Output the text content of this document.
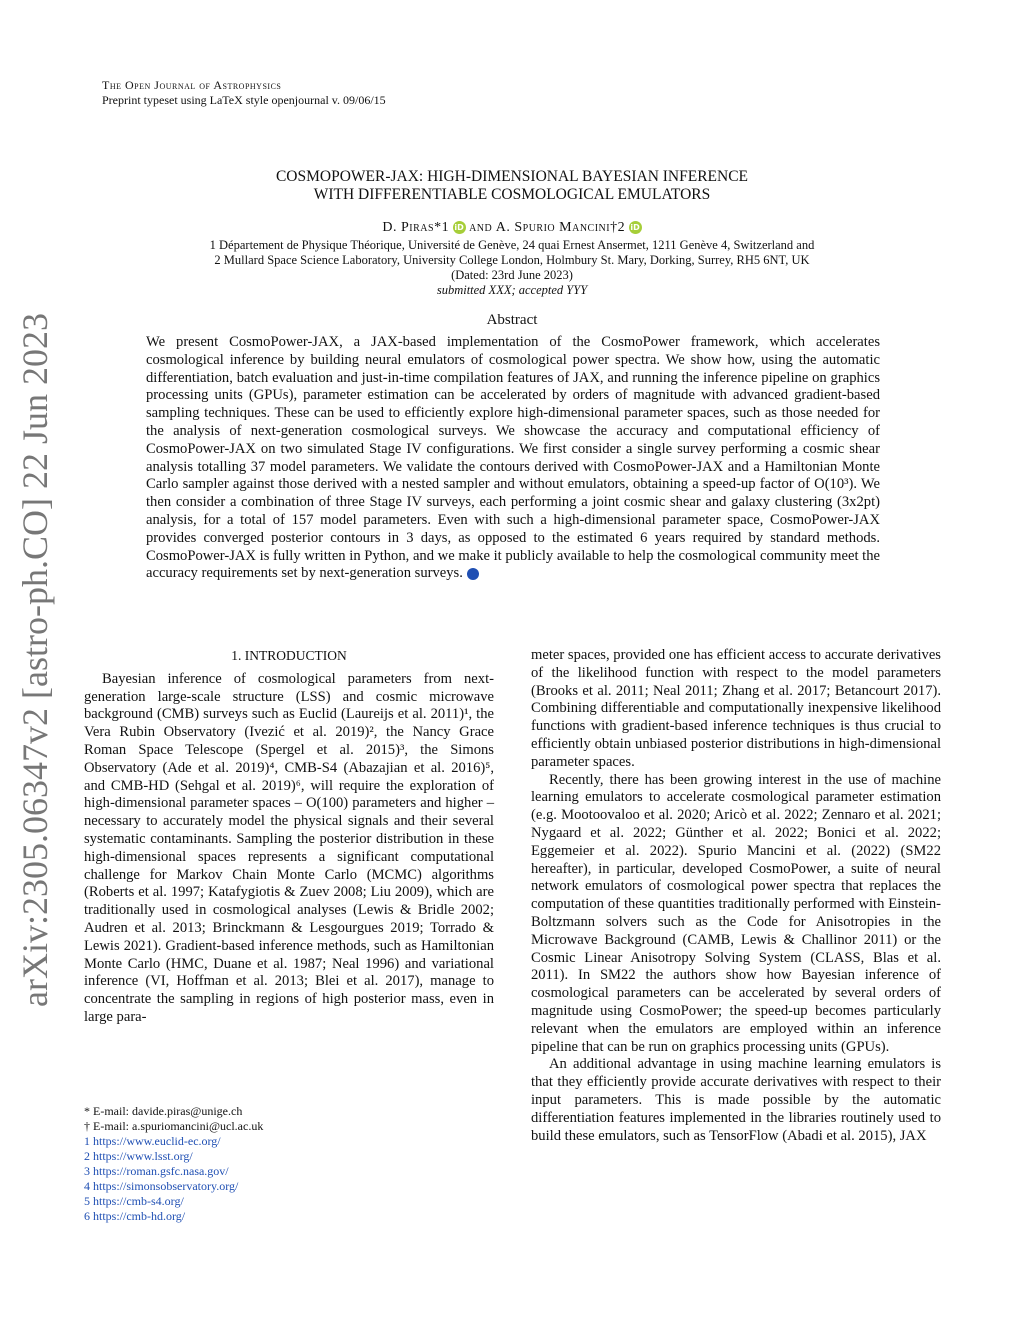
arXiv:2305.06347v2 [astro-ph.CO] 22 Jun 2023
The Open Journal of Astrophysics
Preprint typeset using LaTeX style openjournal v. 09/06/15
COSMOPOWER-JAX: HIGH-DIMENSIONAL BAYESIAN INFERENCE
WITH DIFFERENTIABLE COSMOLOGICAL EMULATORS
D. Piras*1 iD and A. Spurio Mancini†2 iD
1 Département de Physique Théorique, Université de Genève, 24 quai Ernest Ansermet, 1211 Genève 4, Switzerland and
2 Mullard Space Science Laboratory, University College London, Holmbury St. Mary, Dorking, Surrey, RH5 6NT, UK
(Dated: 23rd June 2023)
submitted XXX; accepted YYY
Abstract
We present CosmoPower-JAX, a JAX-based implementation of the CosmoPower framework, which accelerates cosmological inference by building neural emulators of cosmological power spectra. We show how, using the automatic differentiation, batch evaluation and just-in-time compilation features of JAX, and running the inference pipeline on graphics processing units (GPUs), parameter estimation can be accelerated by orders of magnitude with advanced gradient-based sampling techniques. These can be used to efficiently explore high-dimensional parameter spaces, such as those needed for the analysis of next-generation cosmological surveys. We showcase the accuracy and computational efficiency of CosmoPower-JAX on two simulated Stage IV configurations. We first consider a single survey performing a cosmic shear analysis totalling 37 model parameters. We validate the contours derived with CosmoPower-JAX and a Hamiltonian Monte Carlo sampler against those derived with a nested sampler and without emulators, obtaining a speed-up factor of O(10³). We then consider a combination of three Stage IV surveys, each performing a joint cosmic shear and galaxy clustering (3x2pt) analysis, for a total of 157 model parameters. Even with such a high-dimensional parameter space, CosmoPower-JAX provides converged posterior contours in 3 days, as opposed to the estimated 6 years required by standard methods. CosmoPower-JAX is fully written in Python, and we make it publicly available to help the cosmological community meet the accuracy requirements set by next-generation surveys.
1. INTRODUCTION

Bayesian inference of cosmological parameters from next-generation large-scale structure (LSS) and cosmic microwave background (CMB) surveys such as Euclid (Laureijs et al. 2011)¹, the Vera Rubin Observatory (Ivezić et al. 2019)², the Nancy Grace Roman Space Telescope (Spergel et al. 2015)³, the Simons Observatory (Ade et al. 2019)⁴, CMB-S4 (Abazajian et al. 2016)⁵, and CMB-HD (Sehgal et al. 2019)⁶, will require the exploration of high-dimensional parameter spaces – O(100) parameters and higher – necessary to accurately model the physical signals and their several systematic contaminants. Sampling the posterior distribution in these high-dimensional spaces represents a significant computational challenge for Markov Chain Monte Carlo (MCMC) algorithms (Roberts et al. 1997; Katafygiotis & Zuev 2008; Liu 2009), which are traditionally used in cosmological analyses (Lewis & Bridle 2002; Audren et al. 2013; Brinckmann & Lesgourgues 2019; Torrado & Lewis 2021). Gradient-based inference methods, such as Hamiltonian Monte Carlo (HMC, Duane et al. 1987; Neal 1996) and variational inference (VI, Hoffman et al. 2013; Blei et al. 2017), manage to concentrate the sampling in regions of high posterior mass, even in large para-

meter spaces, provided one has efficient access to accurate derivatives of the likelihood function with respect to the model parameters (Brooks et al. 2011; Neal 2011; Zhang et al. 2017; Betancourt 2017). Combining differentiable and computationally inexpensive likelihood functions with gradient-based inference techniques is thus crucial to efficiently obtain unbiased posterior distributions in high-dimensional parameter spaces.

Recently, there has been growing interest in the use of machine learning emulators to accelerate cosmological parameter estimation (e.g. Mootoovaloo et al. 2020; Aricò et al. 2022; Zennaro et al. 2021; Nygaard et al. 2022; Günther et al. 2022; Bonici et al. 2022; Eggemeier et al. 2022). Spurio Mancini et al. (2022) (SM22 hereafter), in particular, developed CosmoPower, a suite of neural network emulators of cosmological power spectra that replaces the computation of these quantities traditionally performed with Einstein-Boltzmann solvers such as the Code for Anisotropies in the Microwave Background (CAMB, Lewis & Challinor 2011) or the Cosmic Linear Anisotropy Solving System (CLASS, Blas et al. 2011). In SM22 the authors show how Bayesian inference of cosmological parameters can be accelerated by several orders of magnitude using CosmoPower; the speed-up becomes particularly relevant when the emulators are employed within an inference pipeline that can be run on graphics processing units (GPUs).

An additional advantage in using machine learning emulators is that they efficiently provide accurate derivatives with respect to their input parameters. This is made possible by the automatic differentiation features implemented in the libraries routinely used to build these emulators, such as TensorFlow (Abadi et al. 2015), JAX

* E-mail: davide.piras@unige.ch
† E-mail: a.spuriomancini@ucl.ac.uk
1 https://www.euclid-ec.org/
2 https://www.lsst.org/
3 https://roman.gsfc.nasa.gov/
4 https://simonsobservatory.org/
5 https://cmb-s4.org/
6 https://cmb-hd.org/
